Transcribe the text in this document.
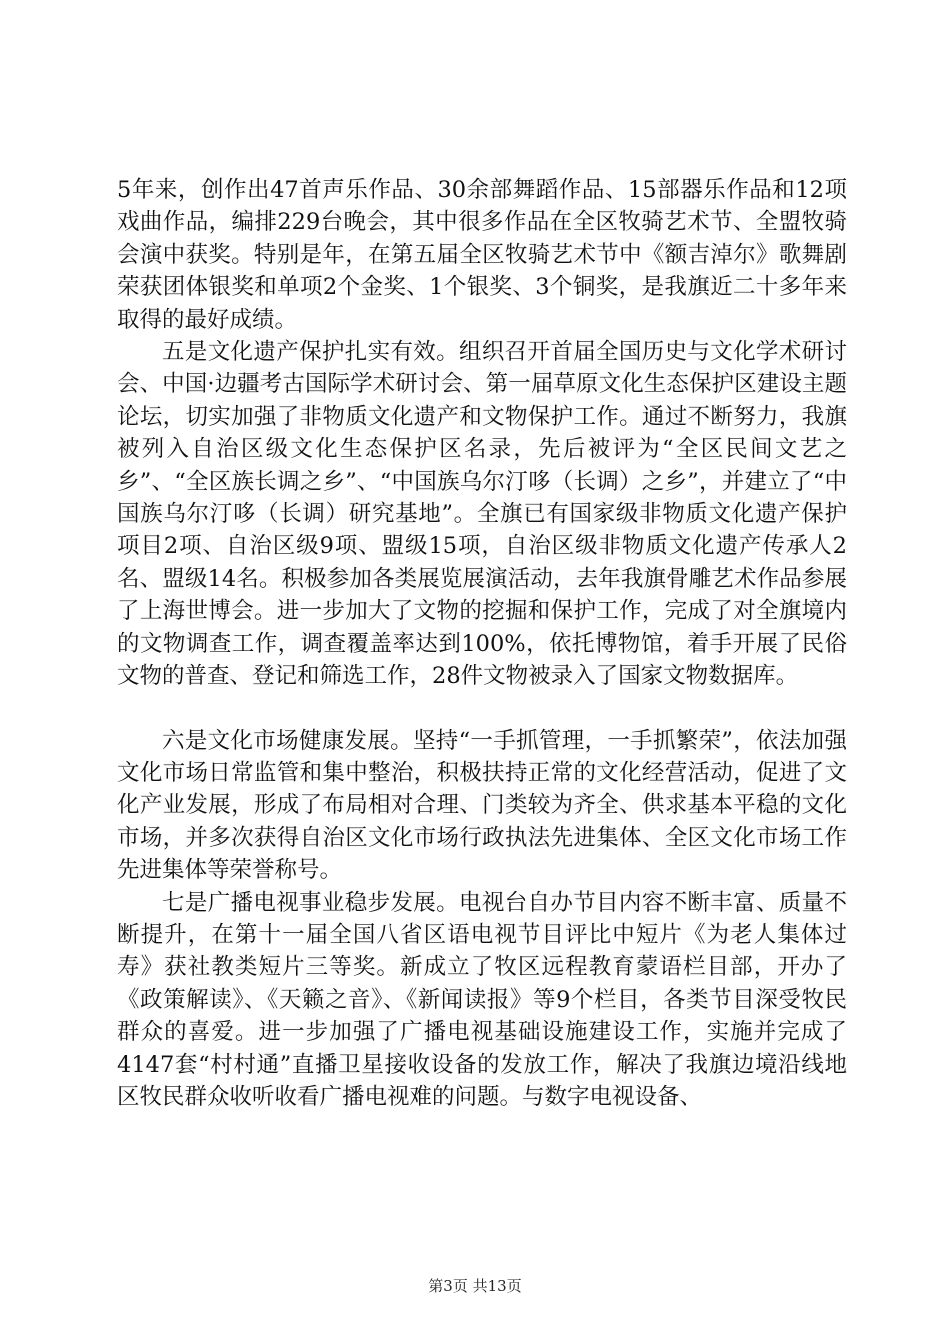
5年来，创作出47首声乐作品、30余部舞蹈作品、15部器乐作品和12项戏曲作品，编排229台晚会，其中很多作品在全区牧骑艺术节、全盟牧骑会演中获奖。特别是年，在第五届全区牧骑艺术节中《额吉淖尔》歌舞剧荣获团体银奖和单项2个金奖、1个银奖、3个铜奖，是我旗近二十多年来取得的最好成绩。

五是文化遗产保护扎实有效。组织召开首届全国历史与文化学术研讨会、中国·边疆考古国际学术研讨会、第一届草原文化生态保护区建设主题论坛，切实加强了非物质文化遗产和文物保护工作。通过不断努力，我旗被列入自治区级文化生态保护区名录，先后被评为“全区民间文艺之乡”、“全区族长调之乡”、“中国族乌尔汀哆（长调）之乡”，并建立了“中国族乌尔汀哆（长调）研究基地”。全旗已有国家级非物质文化遗产保护项目2项、自治区级9项、盟级15项，自治区级非物质文化遗产传承人2名、盟级14名。积极参加各类展览展演活动，去年我旗骨雕艺术作品参展了上海世博会。进一步加大了文物的挖掘和保护工作，完成了对全旗境内的文物调查工作，调查覆盖率达到100%，依托博物馆，着手开展了民俗文物的普查、登记和筛选工作，28件文物被录入了国家文物数据库。

六是文化市场健康发展。坚持“一手抓管理，一手抓繁荣”，依法加强文化市场日常监管和集中整治，积极扶持正常的文化经营活动，促进了文化产业发展，形成了布局相对合理、门类较为齐全、供求基本平稳的文化市场，并多次获得自治区文化市场行政执法先进集体、全区文化市场工作先进集体等荣誉称号。

七是广播电视事业稳步发展。电视台自办节目内容不断丰富、质量不断提升，在第十一届全国八省区语电视节目评比中短片《为老人集体过寿》获社教类短片三等奖。新成立了牧区远程教育蒙语栏目部，开办了《政策解读》、《天籁之音》、《新闻读报》等9个栏目，各类节目深受牧民群众的喜爱。进一步加强了广播电视基础设施建设工作，实施并完成了4147套“村村通”直播卫星接收设备的发放工作，解决了我旗边境沿线地区牧民群众收听收看广播电视难的问题。与数字电视设备、

第3页 共13页
